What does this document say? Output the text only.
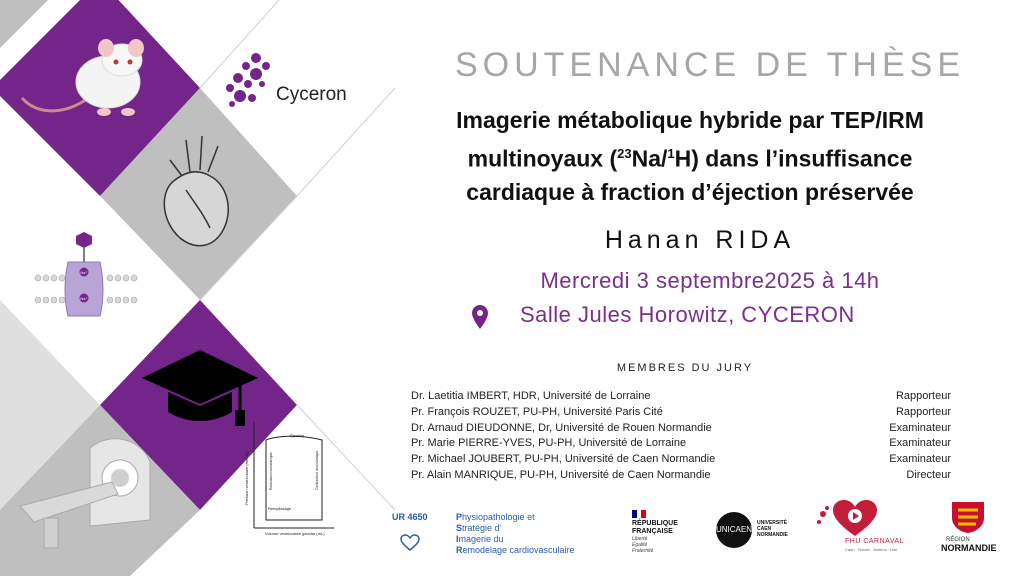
Na⁺
Na⁺
Éjection
Remplissage
Pression ventriculaire (mmHg)
Volume ventriculaire gauche (mL)
Relaxation isovolumique	Contraction isovolumique
Cyceron
SOUTENANCE DE THÈSE
Imagerie métabolique hybride par TEP/IRM
multinoyaux ($^{23}$Na/$^1$H) dans l’insuffisance
cardiaque à fraction d’éjection préservée
Hanan RIDA
Mercredi 3 septembre2025 à 14h
Salle Jules Horowitz, CYCERON
MEMBRES DU JURY
Dr. Laetitia IMBERT, HDR, Université de Lorraine	Rapporteur
Pr. François ROUZET, PU-PH, Université Paris Cité	Rapporteur
Dr. Arnaud DIEUDONNE, Dr, Université de Rouen Normandie	Examinateur
Pr. Marie PIERRE-YVES, PU-PH, Université de Lorraine	Examinateur
Pr. Michael JOUBERT, PU-PH, Université de Caen Normandie	Examinateur
Pr. Alain MANRIQUE, PU-PH, Université de Caen Normandie	Directeur
UR 4650	Physiopathologie et
Stratégie d’
Imagerie du
Remodelage cardiovasculaire
RÉPUBLIQUE
FRANÇAISE
Liberté
Égalité
Fraternité
UNICAEN
UNIVERSITÉ
CAEN
NORMANDIE
FHU CARNAVAL
Caen · Rouen · Amiens · Lille
RÉGION
NORMANDIE
